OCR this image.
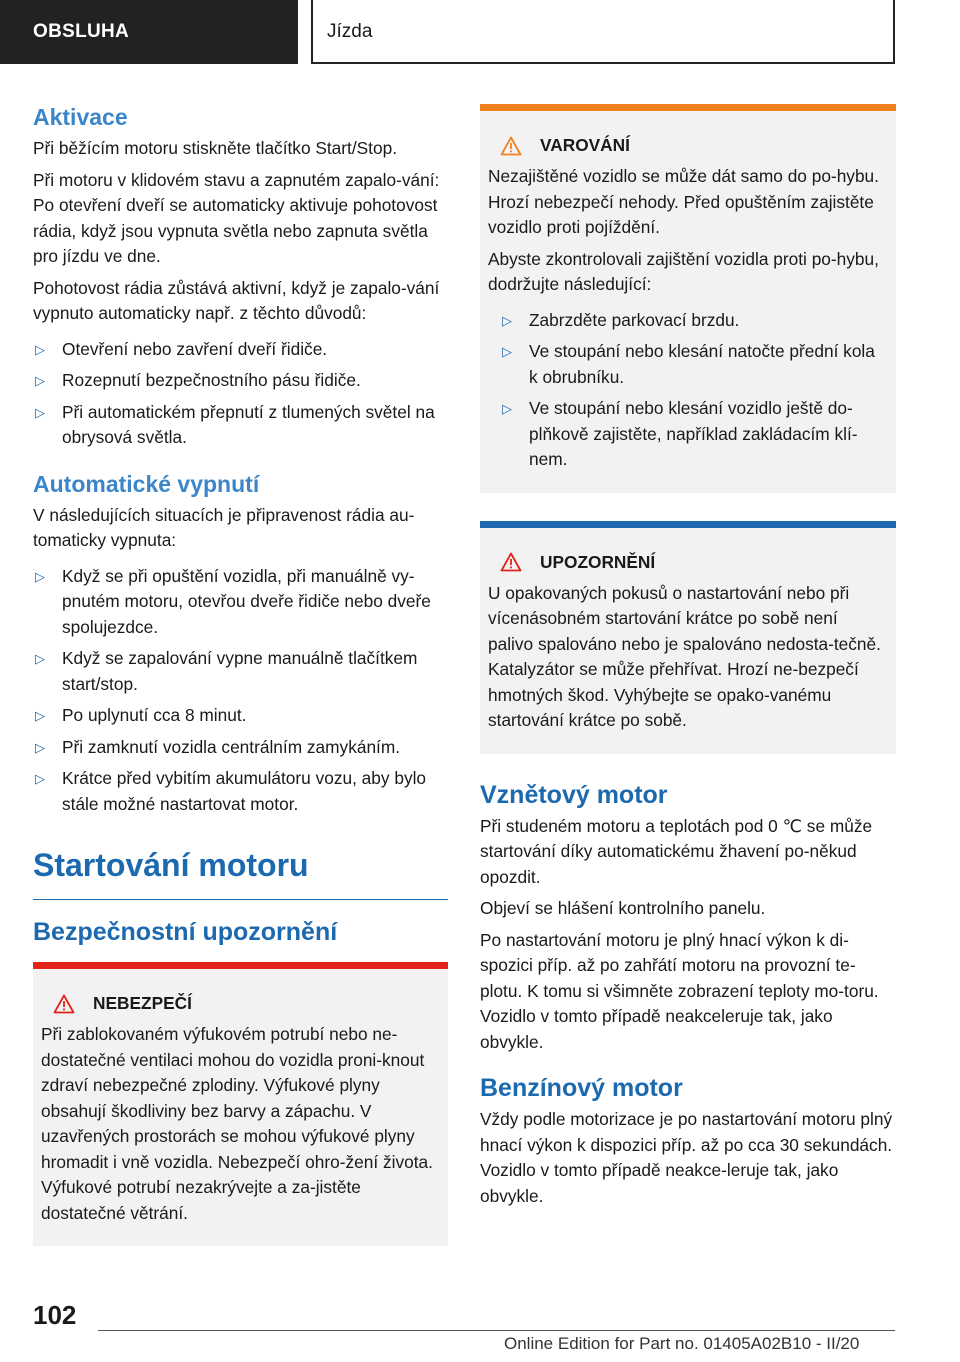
OBSLUHA	Jízda
Aktivace

Při běžícím motoru stiskněte tlačítko Start/Stop.

Při motoru v klidovém stavu a zapnutém zapalo-vání: Po otevření dveří se automaticky aktivuje pohotovost rádia, když jsou vypnuta světla nebo zapnuta světla pro jízdu ve dne.

Pohotovost rádia zůstává aktivní, když je zapalo-vání vypnuto automaticky např. z těchto důvodů:

▷ Otevření nebo zavření dveří řidiče.
▷ Rozepnutí bezpečnostního pásu řidiče.
▷ Při automatickém přepnutí z tlumených světel na obrysová světla.
Automatické vypnutí

V následujících situacích je připravenost rádia au-tomaticky vypnuta:

▷ Když se při opuštění vozidla, při manuálně vy-pnutém motoru, otevřou dveře řidiče nebo dveře spolujezdce.
▷ Když se zapalování vypne manuálně tlačítkem start/stop.
▷ Po uplynutí cca 8 minut.
▷ Při zamknutí vozidla centrálním zamykáním.
▷ Krátce před vybitím akumulátoru vozu, aby bylo stále možné nastartovat motor.
Startování motoru
Bezpečnostní upozornění
NEBEZPEČÍ

Při zablokovaném výfukovém potrubí nebo ne-dostatečné ventilaci mohou do vozidla proni-knout zdraví nebezpečné zplodiny. Výfukové plyny obsahují škodliviny bez barvy a zápachu. V uzavřených prostorách se mohou výfukové plyny hromadit i vně vozidla. Nebezpečí ohro-žení života. Výfukové potrubí nezakrývejte a za-jistěte dostatečné větrání.

VAROVÁNÍ

Nezajištěné vozidlo se může dát samo do po-hybu. Hrozí nebezpečí nehody. Před opuštěním zajistěte vozidlo proti pojíždění.

Abyste zkontrolovali zajištění vozidla proti po-hybu, dodržujte následující:

▷ Zabrzděte parkovací brzdu.
▷ Ve stoupání nebo klesání natočte přední kola k obrubníku.
▷ Ve stoupání nebo klesání vozidlo ještě do-plňkově zajistěte, například zakládacím klí-nem.
UPOZORNĚNÍ

U opakovaných pokusů o nastartování nebo při vícenásobném startování krátce po sobě není palivo spalováno nebo je spalováno nedosta-tečně. Katalyzátor se může přehřívat. Hrozí ne-bezpečí hmotných škod. Vyhýbejte se opako-vanému startování krátce po sobě.

Vznětový motor

Při studeném motoru a teplotách pod 0 ℃ se může startování díky automatickému žhavení po-někud opozdit.

Objeví se hlášení kontrolního panelu.

Po nastartování motoru je plný hnací výkon k di-spozici příp. až po zahřátí motoru na provozní te-plotu. K tomu si všimněte zobrazení teploty mo-toru. Vozidlo v tomto případě neakceleruje tak, jako obvykle.

Benzínový motor

Vždy podle motorizace je po nastartování motoru plný hnací výkon k dispozici příp. až po cca 30 sekundách. Vozidlo v tomto případě neakce-leruje tak, jako obvykle.

102
Online Edition for Part no. 01405A02B10 - II/20
